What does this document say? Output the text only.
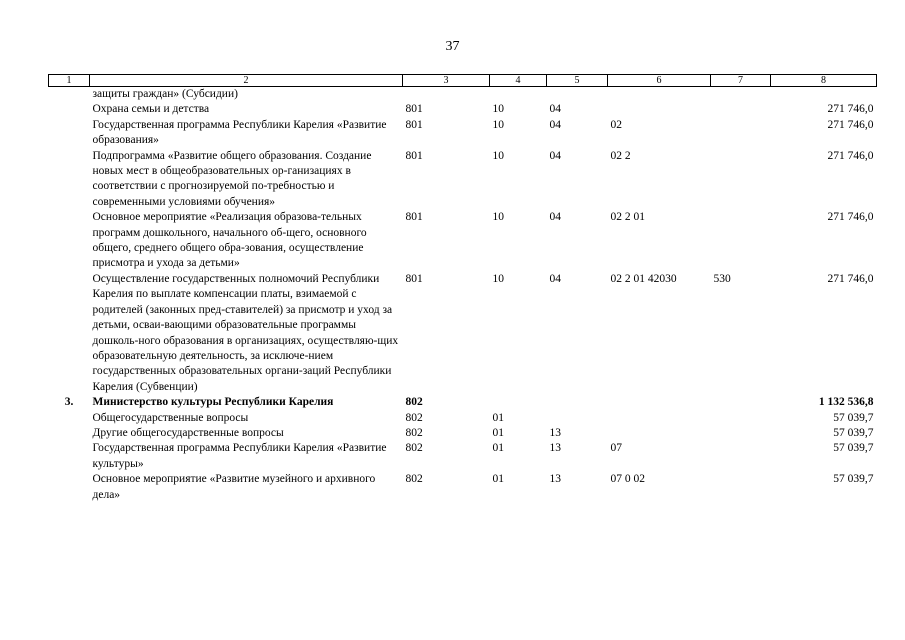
37
1	2	3	4	5	6	7	8
	защиты граждан» (Субсидии)						
	Охрана семьи и детства	801	10	04			271 746,0
	Государственная программа Республики Карелия «Развитие образования»	801	10	04	02		271 746,0
	Подпрограмма «Развитие общего образования. Создание новых мест в общеобразовательных ор-ганизациях в соответствии с прогнозируемой по-требностью и современными условиями обучения»	801	10	04	02 2		271 746,0
	Основное мероприятие «Реализация образова-тельных программ дошкольного, начального об-щего, основного общего, среднего общего обра-зования, осуществление присмотра и ухода за детьми»	801	10	04	02 2 01		271 746,0
	Осуществление государственных полномочий Республики Карелия по выплате компенсации платы, взимаемой с родителей (законных пред-ставителей) за присмотр и уход за детьми, осваи-вающими образовательные программы дошколь-ного образования в организациях, осуществляю-щих образовательную деятельность, за исключе-нием государственных образовательных органи-заций Республики Карелия (Субвенции)	801	10	04	02 2 01 42030	530	271 746,0
3.	Министерство культуры Республики Карелия	802					1 132 536,8
	Общегосударственные вопросы	802	01				57 039,7
	Другие общегосударственные вопросы	802	01	13			57 039,7
	Государственная программа Республики Карелия «Развитие культуры»	802	01	13	07		57 039,7
	Основное мероприятие «Развитие музейного и архивного дела»	802	01	13	07 0 02		57 039,7
